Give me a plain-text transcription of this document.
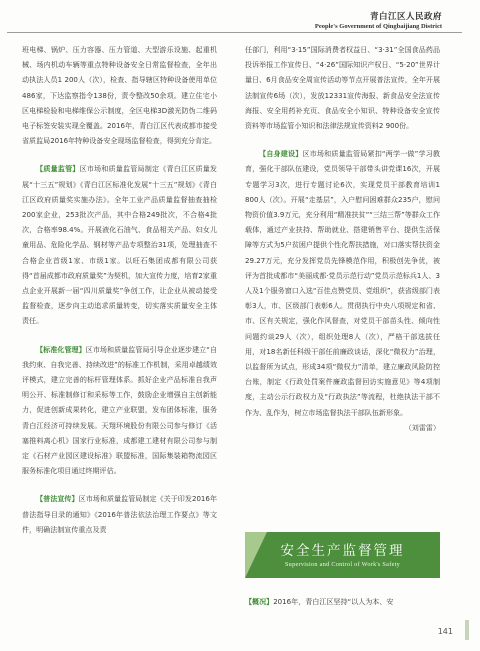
青白江区人民政府
People's Government of Qingbaijiang District

班电梯、锅炉、压力容器、压力管道、大型游乐设施、起重机械、场内机动车辆等重点特种设备安全日常监督检查，全年出动执法人员1 200人（次），检查、指导辖区特种设备使用单位486家，下达监察指令138份，责令整改50余项。建立住宅小区电梯检验和电梯维保公示制度，全区电梯3D激光防伪二维码电子标签安装实现全覆盖。2016年，青白江区代表成都市接受省质监局2016年特种设备安全现场监督检查，得到充分肯定。

【质量监管】区市场和质量监管局制定《青白江区质量发展“十三五”规划》《青白江区标准化发展“十三五”规划》《青白江区政府质量奖实施办法》。全年工业产品质量监督抽查抽检200家企业，253批次产品，其中合格249批次，不合格4批次，合格率98.4%。开展液化石油气、食品相关产品、妇女儿童用品、危险化学品、钢材等产品专项整治31项，处理抽查不合格企业首级1家、市级1家。以旺石集团成都有限公司获得“首届成都市政府质量奖”为契机，加大宣传力度，培育2家重点企业开展新一届“四川质量奖”争创工作，让企业从被动接受监督检查，逐步向主动追求质量转变，切实落实质量安全主体责任。

【标准化管理】区市场和质量监管局引导企业逐步建立“自我约束、自我完善、持续改进”的标准工作机制，采用卓越绩效评模式，建立完善的标杆管理体系。抓好企业产品标准自我声明公开、标准制修订和采标等工作，鼓励企业增强自主创新能力，促进创新成果转化，建立产业联盟，发布团体标准，服务青白江经济可持续发展。天翔环境股份有限公司参与修订《活塞推料离心机》国家行业标准，成都建工建材有限公司参与制定《石材产业园区建设标准》联盟标准，国际集装箱物流园区服务标准化项目通过终期评估。

【普法宣传】区市场和质量监管局制定《关于印发2016年普法指导目录的通知》《2016年普法依法治理工作要点》等文件，明确法制宣传重点及责

任部门，利用“3·15”国际消费者权益日、“3·31”全国食品药品投诉举报工作宣传日、“4·26”国际知识产权日、“5·20”世界计量日、6月食品安全周宣传活动等节点开展普法宣传，全年开展法制宣传6场（次），发放12331宣传海报、新食品安全法宣传海报、安全用药补充页、食品安全小知识、特种设备安全宣传资料等市场监管小知识和法律法规宣传资料2 900份。

【自身建设】区市场和质量监管局紧扣“两学一做”学习教育，强化干部队伍建设，党员领导干部带头讲党课16次，开展专题学习3次，进行专题讨论6次，实现党员干部教育培训1 800人（次）。开展“走基层”，入户慰问困难群众235户，慰问物资价值3.9万元，充分利用“精准扶贫”“三结三帮”等群众工作载体，通过产业扶持、帮助就业、搭建销售平台、提供生活保障等方式为5户贫困户提供个性化帮扶措施，对口落实帮扶资金29.27万元，充分发挥党员先锋模范作用，积极创先争优，被评为首批成都市“美丽成都·党员示范行动”党员示范标兵1人、3人及1个服务窗口入选“百佳点赞党员、党组织”，获省级部门表彰3人，市、区级部门表彰6人。贯彻执行中央八项规定和省、市、区有关规定，强化作风督查，对党员干部苗头性、倾向性问题约谈29人（次），组织处理8人（次），严格干部选拔任用，对18名新任科级干部任前廉政谈话，深化“微权力”治理，以监督所为试点，形成34项“微权力”清单，建立廉政风险防控台账，制定《行政处罚案件廉政监督回访实施意见》等4项制度，主动公示行政权力及“行政执法”等流程，杜绝执法干部不作为、乱作为，树立市场监督执法干部队伍新形象。

（刘雷雷）
安全生产监督管理
Supervision and Control of Work's Safety
【概况】2016年，青白江区坚持“以人为本、安
141
